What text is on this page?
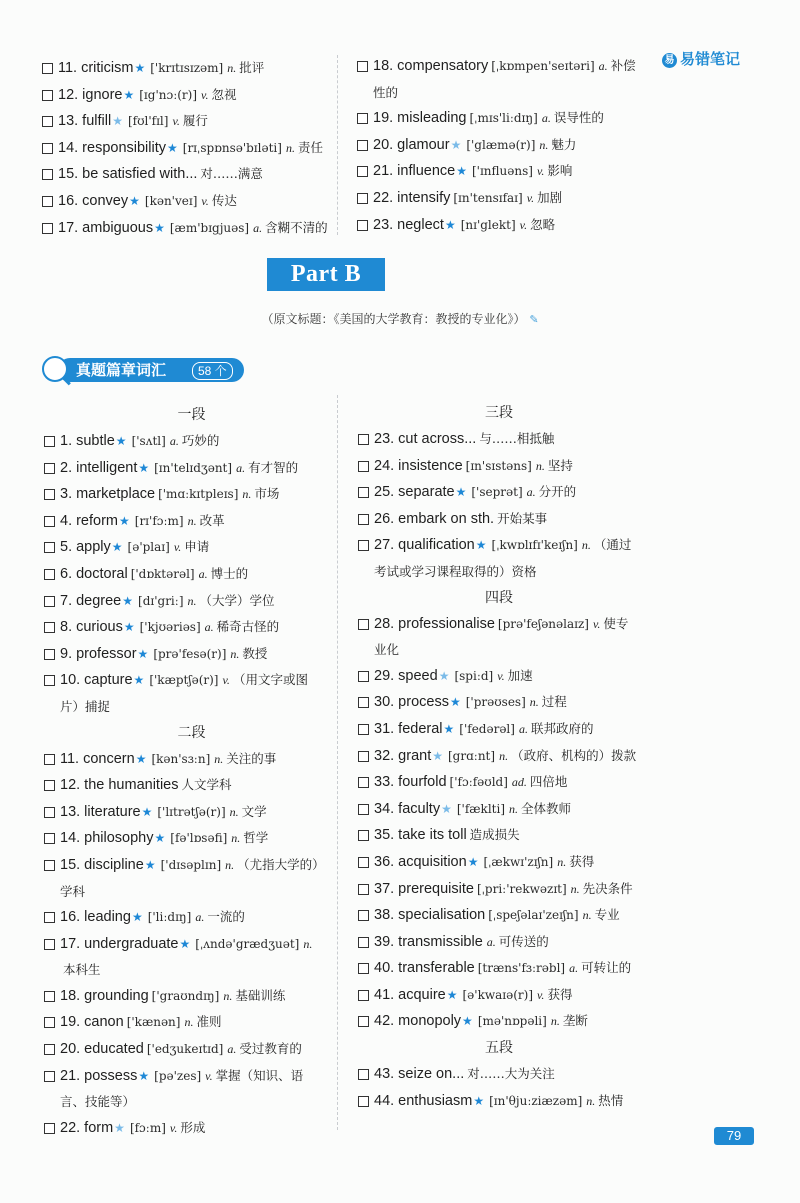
易 易错笔记
11. criticism★ ['krɪtɪsɪzəm] n. 批评
12. ignore★ [ɪg'nɔː(r)] v. 忽视
13. fulfill★ [fʊl'fɪl] v. 履行
14. responsibility★ [rɪˌspɒnsə'bɪləti] n. 责任
15. be satisfied with... 对……满意
16. convey★ [kən'veɪ] v. 传达
17. ambiguous★ [æm'bɪgjuəs] a. 含糊不清的
18. compensatory [ˌkɒmpen'seɪtəri] a. 补偿性的
19. misleading [ˌmɪs'liːdɪŋ] a. 误导性的
20. glamour★ ['glæmə(r)] n. 魅力
21. influence★ ['ɪnfluəns] v. 影响
22. intensify [ɪn'tensɪfaɪ] v. 加剧
23. neglect★ [nɪ'glekt] v. 忽略
Part B
（原文标题：《美国的大学教育：教授的专业化》） ✎
真题篇章词汇	58 个
一段
1. subtle★ ['sʌtl] a. 巧妙的
2. intelligent★ [ɪn'telɪdʒənt] a. 有才智的
3. marketplace ['mɑːkɪtpleɪs] n. 市场
4. reform★ [rɪ'fɔːm] n. 改革
5. apply★ [ə'plaɪ] v. 申请
6. doctoral ['dɒktərəl] a. 博士的
7. degree★ [dɪ'griː] n. （大学）学位
8. curious★ ['kjʊəriəs] a. 稀奇古怪的
9. professor★ [prə'fesə(r)] n. 教授
10. capture★ ['kæptʃə(r)] v. （用文字或图片）捕捉
二段
11. concern★ [kən'sɜːn] n. 关注的事
12. the humanities 人文学科
13. literature★ ['lɪtrətʃə(r)] n. 文学
14. philosophy★ [fə'lɒsəfi] n. 哲学
15. discipline★ ['dɪsəplɪn] n. （尤指大学的）学科
16. leading★ ['liːdɪŋ] a. 一流的
17. undergraduate★ [ˌʌndə'grædʒuət] n.本科生
18. grounding ['graʊndɪŋ] n. 基础训练
19. canon ['kænən] n. 准则
20. educated ['edʒukeɪtɪd] a. 受过教育的
21. possess★ [pə'zes] v. 掌握（知识、语言、技能等）
22. form★ [fɔːm] v. 形成
三段
23. cut across... 与……相抵触
24. insistence [ɪn'sɪstəns] n. 坚持
25. separate★ ['seprət] a. 分开的
26. embark on sth. 开始某事
27. qualification★ [ˌkwɒlɪfɪ'keɪʃn] n. （通过考试或学习课程取得的）资格
四段
28. professionalise [prə'feʃənəlaɪz] v. 使专业化
29. speed★ [spiːd] v. 加速
30. process★ ['prəʊses] n. 过程
31. federal★ ['fedərəl] a. 联邦政府的
32. grant★ [grɑːnt] n. （政府、机构的）拨款
33. fourfold ['fɔːfəʊld] ad. 四倍地
34. faculty★ ['fæklti] n. 全体教师
35. take its toll 造成损失
36. acquisition★ [ˌækwɪ'zɪʃn] n. 获得
37. prerequisite [ˌpriː'rekwəzɪt] n. 先决条件
38. specialisation [ˌspeʃəlaɪ'zeɪʃn] n. 专业
39. transmissible a. 可传送的
40. transferable [træns'fɜːrəbl] a. 可转让的
41. acquire★ [ə'kwaɪə(r)] v. 获得
42. monopoly★ [mə'nɒpəli] n. 垄断
五段
43. seize on... 对……大为关注
44. enthusiasm★ [ɪn'θjuːziæzəm] n. 热情
79
